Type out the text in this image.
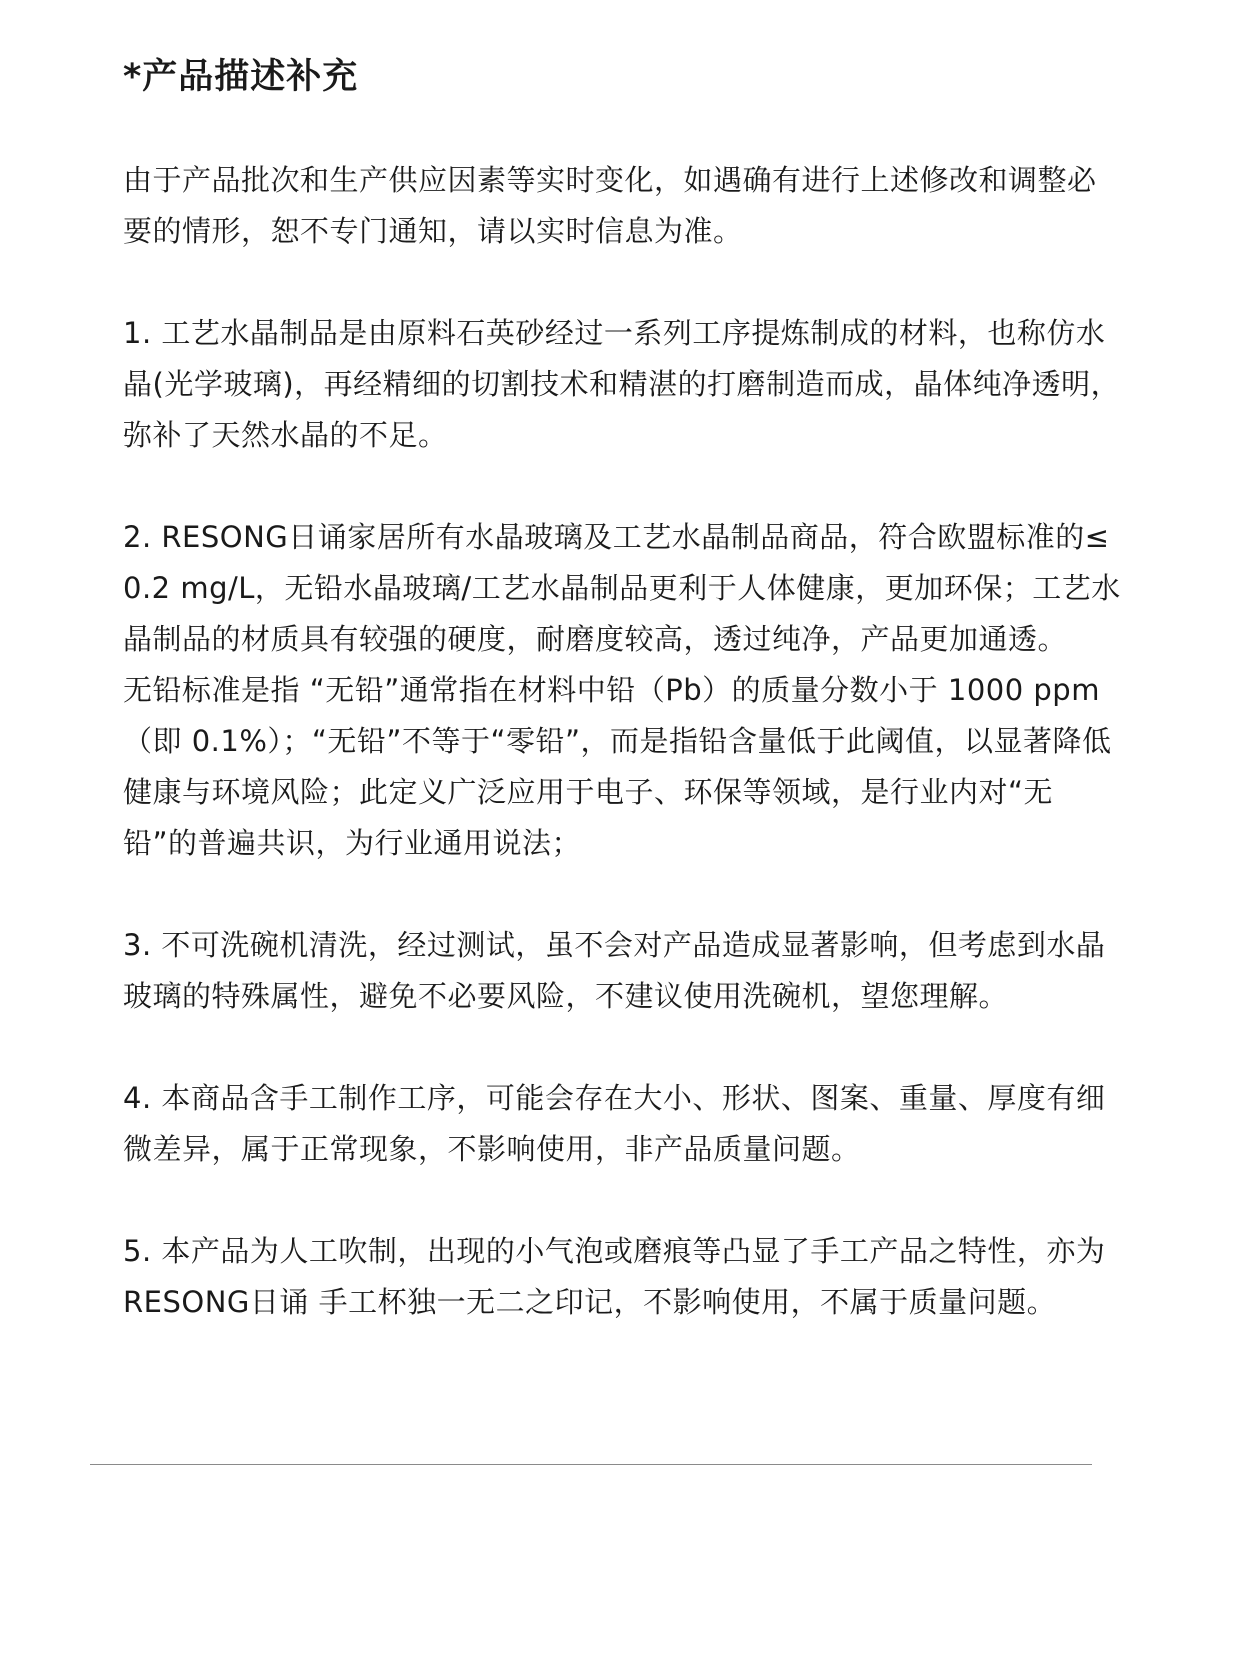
*产品描述补充

由于产品批次和生产供应因素等实时变化，如遇确有进行上述修改和调整必要的情形，恕不专门通知，请以实时信息为准。

1. 工艺水晶制品是由原料石英砂经过一系列工序提炼制成的材料，也称仿水晶(光学玻璃)，再经精细的切割技术和精湛的打磨制造而成，晶体纯净透明，弥补了天然水晶的不足。

2. RESONG日诵家居所有水晶玻璃及工艺水晶制品商品，符合欧盟标准的≤ 0.2 mg/L，无铅水晶玻璃/工艺水晶制品更利于人体健康，更加环保；工艺水晶制品的材质具有较强的硬度，耐磨度较高，透过纯净，产品更加通透。

无铅标准是指 “无铅”通常指在材料中铅（Pb）的质量分数小于 1000 ppm（即 0.1%）；“无铅”不等于“零铅”，而是指铅含量低于此阈值，以显著降低健康与环境风险；此定义广泛应用于电子、环保等领域，是行业内对“无铅”的普遍共识，为行业通用说法；

3. 不可洗碗机清洗，经过测试，虽不会对产品造成显著影响，但考虑到水晶玻璃的特殊属性，避免不必要风险，不建议使用洗碗机，望您理解。

4. 本商品含手工制作工序，可能会存在大小、形状、图案、重量、厚度有细微差异，属于正常现象，不影响使用，非产品质量问题。

5. 本产品为人工吹制，出现的小气泡或磨痕等凸显了手工产品之特性，亦为RESONG日诵 手工杯独一无二之印记，不影响使用，不属于质量问题。
